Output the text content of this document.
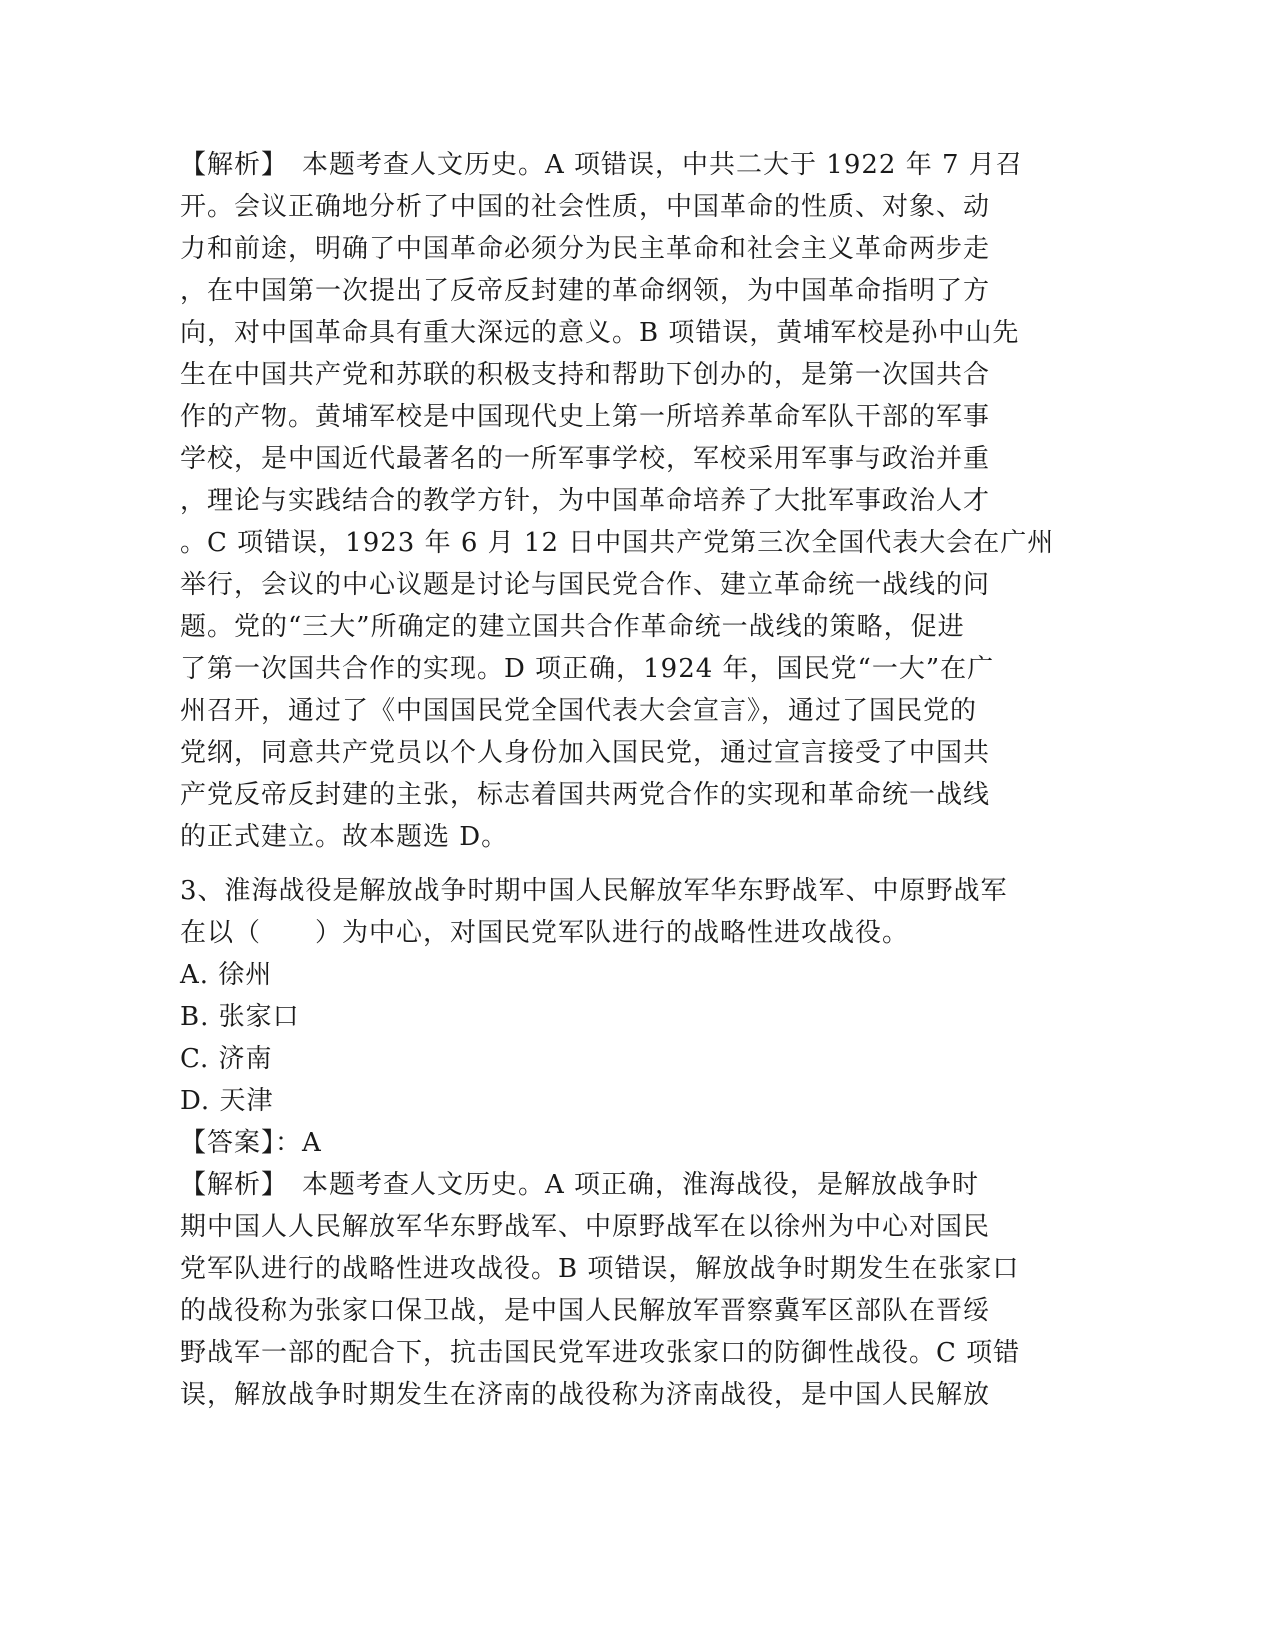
【解析】　本题考查人文历史。A 项错误，中共二大于 1922 年 7 月召
开。会议正确地分析了中国的社会性质，中国革命的性质、对象、动
力和前途，明确了中国革命必须分为民主革命和社会主义革命两步走
，在中国第一次提出了反帝反封建的革命纲领，为中国革命指明了方
向，对中国革命具有重大深远的意义。B 项错误，黄埔军校是孙中山先
生在中国共产党和苏联的积极支持和帮助下创办的，是第一次国共合
作的产物。黄埔军校是中国现代史上第一所培养革命军队干部的军事
学校，是中国近代最著名的一所军事学校，军校采用军事与政治并重
，理论与实践结合的教学方针，为中国革命培养了大批军事政治人才
。C 项错误，1923 年 6 月 12 日中国共产党第三次全国代表大会在广州
举行，会议的中心议题是讨论与国民党合作、建立革命统一战线的问
题。党的“三大”所确定的建立国共合作革命统一战线的策略，促进
了第一次国共合作的实现。D 项正确，1924 年，国民党“一大”在广
州召开，通过了《中国国民党全国代表大会宣言》，通过了国民党的
党纲，同意共产党员以个人身份加入国民党，通过宣言接受了中国共
产党反帝反封建的主张，标志着国共两党合作的实现和革命统一战线
的正式建立。故本题选 D。
3、淮海战役是解放战争时期中国人民解放军华东野战军、中原野战军
在以（　　）为中心，对国民党军队进行的战略性进攻战役。
A. 徐州
B. 张家口
C. 济南
D. 天津
【答案】：A
【解析】　本题考查人文历史。A 项正确，淮海战役，是解放战争时
期中国人人民解放军华东野战军、中原野战军在以徐州为中心对国民
党军队进行的战略性进攻战役。B 项错误，解放战争时期发生在张家口
的战役称为张家口保卫战，是中国人民解放军晋察冀军区部队在晋绥
野战军一部的配合下，抗击国民党军进攻张家口的防御性战役。C 项错
误，解放战争时期发生在济南的战役称为济南战役，是中国人民解放
